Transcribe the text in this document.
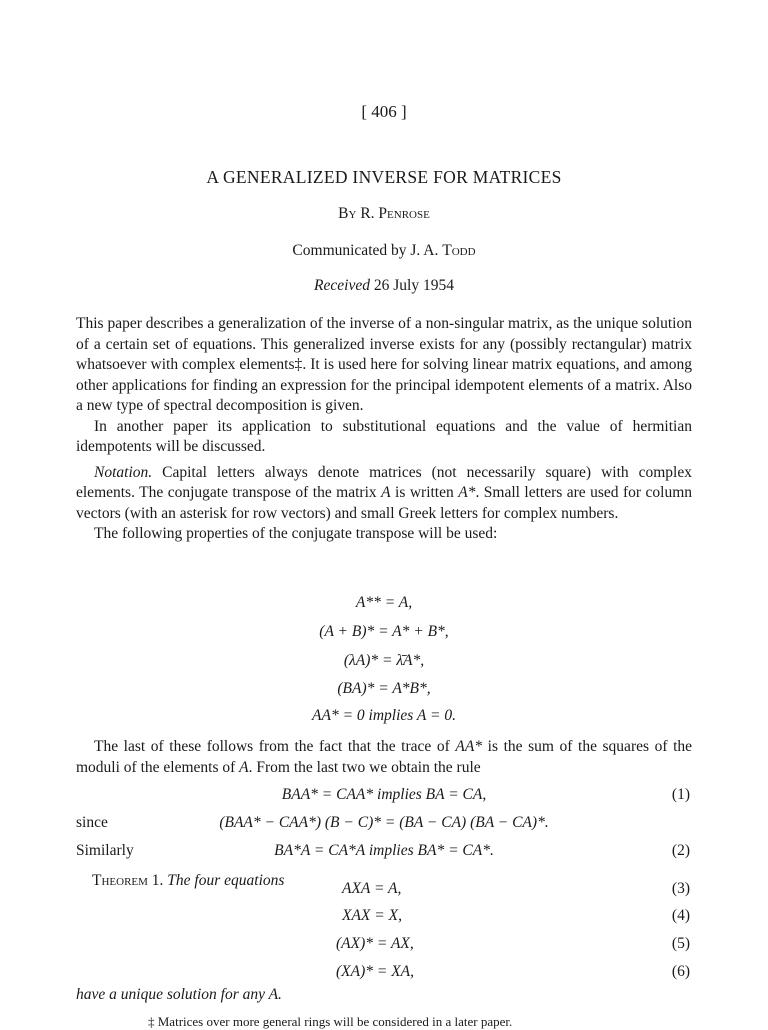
[ 406 ]
A GENERALIZED INVERSE FOR MATRICES
By R. Penrose
Communicated by J. A. Todd
Received 26 July 1954

This paper describes a generalization of the inverse of a non-singular matrix, as the unique solution of a certain set of equations. This generalized inverse exists for any (possibly rectangular) matrix whatsoever with complex elements‡. It is used here for solving linear matrix equations, and among other applications for finding an expression for the principal idempotent elements of a matrix. Also a new type of spectral decomposition is given.

In another paper its application to substitutional equations and the value of hermitian idempotents will be discussed.

Notation. Capital letters always denote matrices (not necessarily square) with complex elements. The conjugate transpose of the matrix A is written A*. Small letters are used for column vectors (with an asterisk for row vectors) and small Greek letters for complex numbers.

The following properties of the conjugate transpose will be used:

A** = A,
(A + B)* = A* + B*,
(λA)* = λ̄A*,
(BA)* = A*B*,
AA* = 0 implies A = 0.

The last of these follows from the fact that the trace of AA* is the sum of the squares of the moduli of the elements of A. From the last two we obtain the rule

BAA* = CAA* implies BA = CA,	(1)
since	(BAA* − CAA*) (B − C)* = (BA − CA) (BA − CA)*.
Similarly	BA*A = CA*A implies BA* = CA*.	(2)
Theorem 1. The four equations	AXA = A,	(3)
XAX = X,	(4)
(AX)* = AX,	(5)
(XA)* = XA,	(6)
have a unique solution for any A.
‡ Matrices over more general rings will be considered in a later paper.
